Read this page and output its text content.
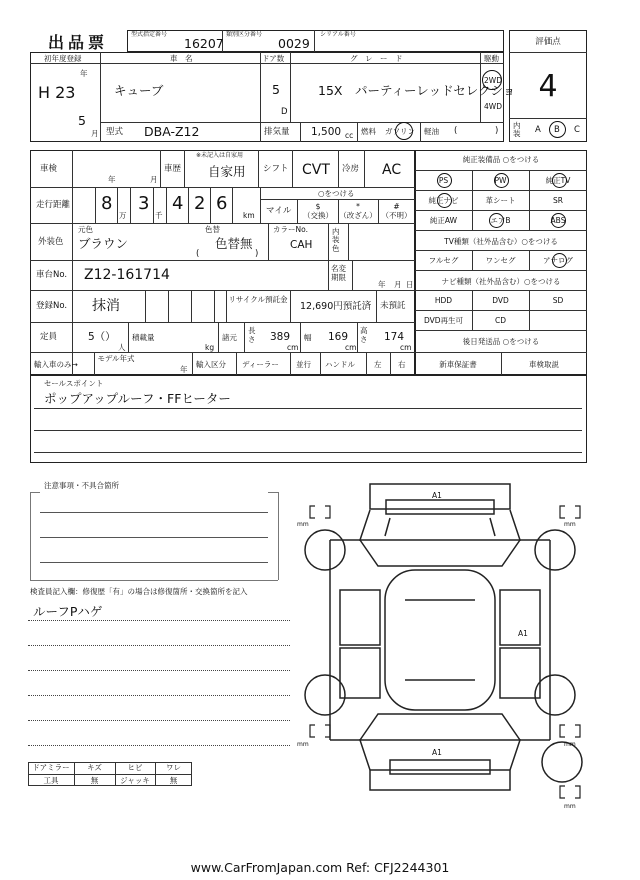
出品票	型式指定番号
16207
類別区分番号
0029
シリアル番号
評価点
4
内装 A B C
初年度登録
年
H 23
5
月
車　名
キューブ
ドア数
5
D
グ　レ　ー　ド
15X　パーティーレッドセレクショ
駆動
2WD
4WD
型式 DBA-Z12	排気量 1,500 cc 燃料 ガソリン 軽油 (	)
車検
年	月
車歴
※未記入は自家用
自家用 シフト CVT 冷房 AC
走行距離 8
万
3
千
4 2 6
km
○をつける
マイル	$
（交換）
*
（改ざん）
#
（不明）
外装色
元色
ブラウン
色替
色替無
(	)
カラーNo.
CAH
内装色
車台No. Z12-161714	名変期限
年 月 日
登録No. 抹消	リサイクル預託金
12,690円預託済 未預託
定員	5（）
人
積載量
kg
諸元
長さ 389
cm
幅 169
cm
高さ 174
cm
輸入車のみ→
モデル年式
年
輸入区分 ディーラー 並行 ハンドル	左 右
純正装備品 ○をつける
PS	PW	純正TV
純正ナビ	革シート	SR
純正AW	エアB	ABS
TV種類（社外品含む）○をつける
フルセグ	ワンセグ	アナログ
ナビ種類（社外品含む）○をつける
HDD	DVD	SD
DVD再生可	CD
後日発送品 ○をつける
新車保証書	車検取説
セールスポイント
ポップアップルーフ・FFヒーター
注意事項・不具合箇所
検査員記入欄：修復歴「有」の場合は修復箇所・交換箇所を記入
ルーフPハゲ
ドアミラー	キズ	ヒビ	ワレ
工具	無	ジャッキ	無
A1
A1
A1
mm	mm
mm	mm
mm
www.CarFromJapan.com Ref: CFJ2244301
